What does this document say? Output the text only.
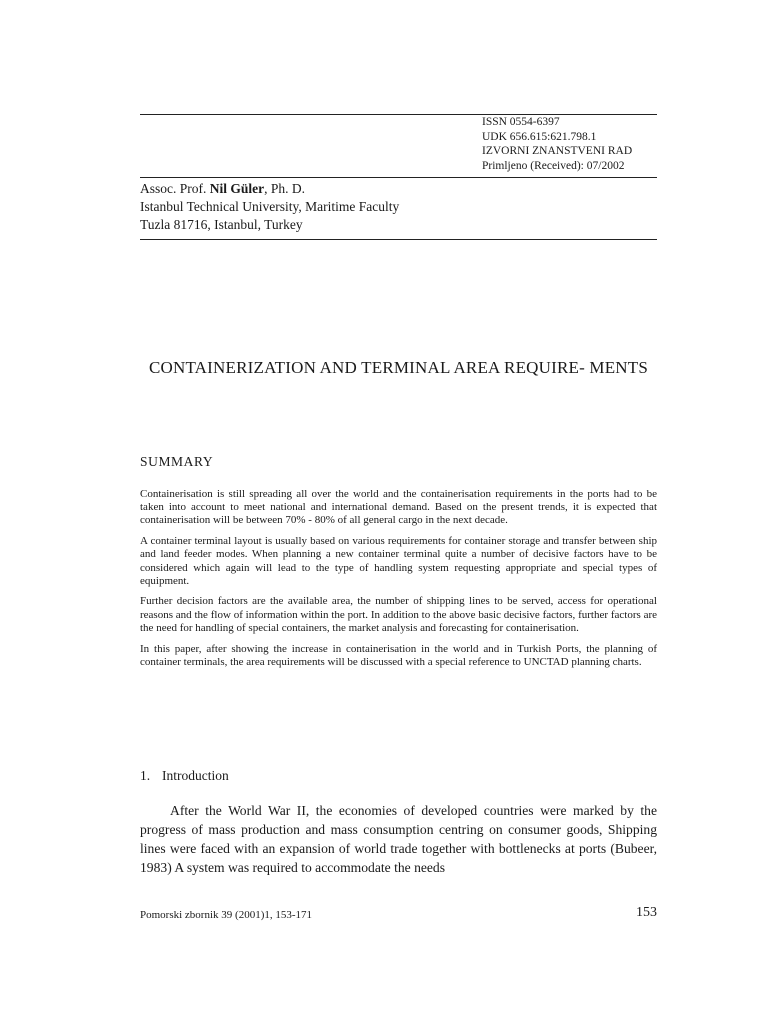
ISSN 0554-6397
UDK 656.615:621.798.1
IZVORNI ZNANSTVENI RAD
Primljeno (Received): 07/2002
Assoc. Prof. Nil Güler, Ph. D.
Istanbul Technical University, Maritime Faculty
Tuzla 81716, Istanbul, Turkey
CONTAINERIZATION AND TERMINAL AREA REQUIRE- MENTS
SUMMARY

Containerisation is still spreading all over the world and the containerisation requirements in the ports had to be taken into account to meet national and international demand. Based on the present trends, it is expected that containerisation will be between 70% - 80% of all general cargo in the next decade.

A container terminal layout is usually based on various requirements for container storage and transfer between ship and land feeder modes. When planning a new container terminal quite a number of decisive factors have to be considered which again will lead to the type of handling system requesting appropriate and special types of equipment.

Further decision factors are the available area, the number of shipping lines to be served, access for operational reasons and the flow of information within the port. In addition to the above basic decisive factors, further factors are the need for handling of special containers, the market analysis and forecasting for containerisation.

In this paper, after showing the increase in containerisation in the world and in Turkish Ports, the planning of container terminals, the area requirements will be discussed with a special reference to UNCTAD planning charts.

1. Introduction

After the World War II, the economies of developed countries were marked by the progress of mass production and mass consumption centring on consumer goods, Shipping lines were faced with an expansion of world trade together with bottlenecks at ports (Bubeer, 1983) A system was required to accommodate the needs

Pomorski zbornik 39 (2001)1, 153-171	153
